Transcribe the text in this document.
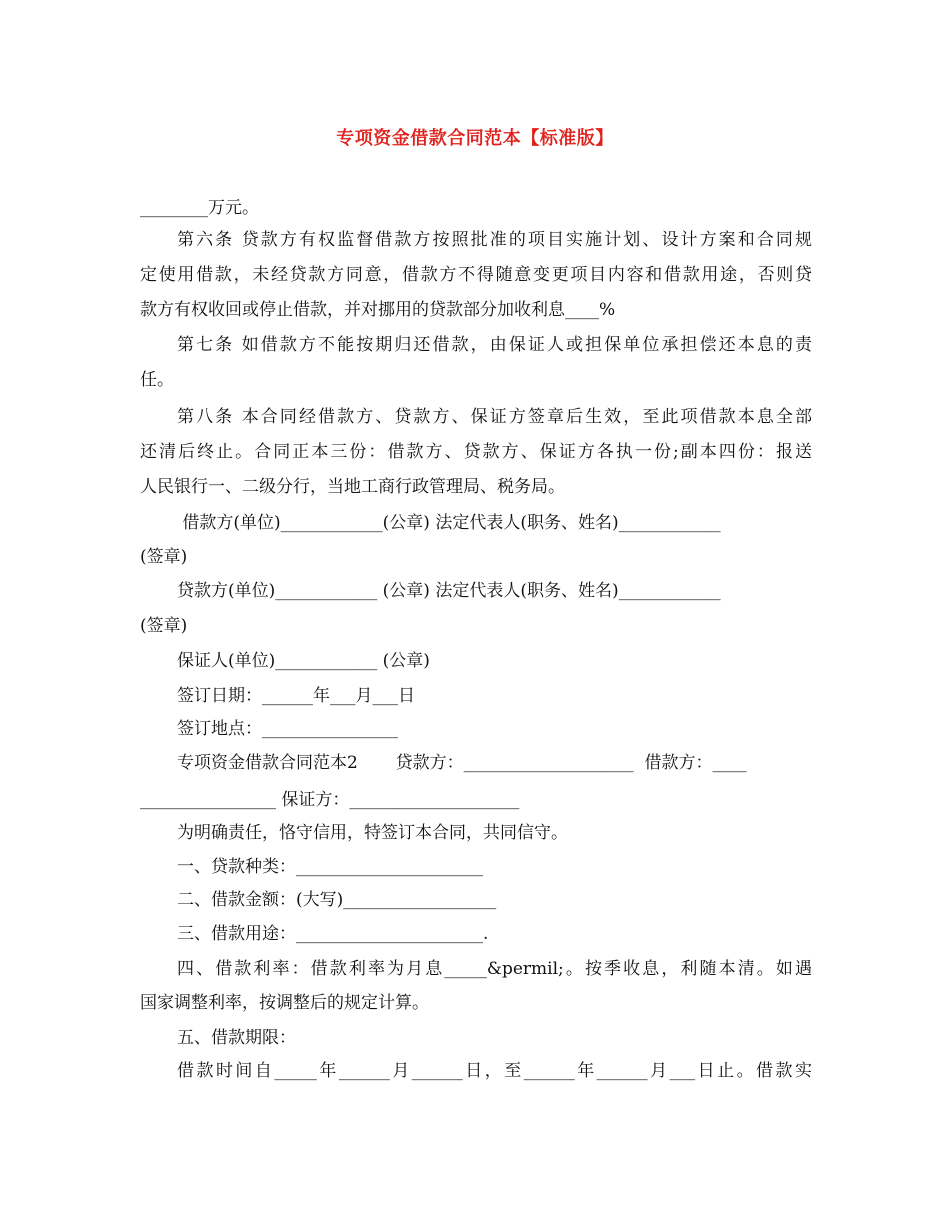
专项资金借款合同范本【标准版】
________万元。
第六条 贷款方有权监督借款方按照批准的项目实施计划、设计方案和合同规
定使用借款，未经贷款方同意，借款方不得随意变更项目内容和借款用途，否则贷
款方有权收回或停止借款，并对挪用的贷款部分加收利息____%
第七条 如借款方不能按期归还借款，由保证人或担保单位承担偿还本息的责
任。
第八条 本合同经借款方、贷款方、保证方签章后生效，至此项借款本息全部
还清后终止。合同正本三份：借款方、贷款方、保证方各执一份;副本四份：报送
人民银行一、二级分行，当地工商行政管理局、税务局。
借款方(单位)____________(公章) 法定代表人(职务、姓名)____________
(签章)
贷款方(单位)____________ (公章) 法定代表人(职务、姓名)____________
(签章)
保证人(单位)____________ (公章)
签订日期：______年___月___日
签订地点：________________
专项资金借款合同范本2       贷款方：____________________  借款方：____
________________ 保证方：____________________
为明确责任，恪守信用，特签订本合同，共同信守。
一、贷款种类：______________________
二、借款金额：(大写)__________________
三、借款用途：______________________.
四、借款利率：借款利率为月息_____&permil;。按季收息，利随本清。如遇
国家调整利率，按调整后的规定计算。
五、借款期限：
借款时间自_____年______月______日，至______年______月___日止。借款实
